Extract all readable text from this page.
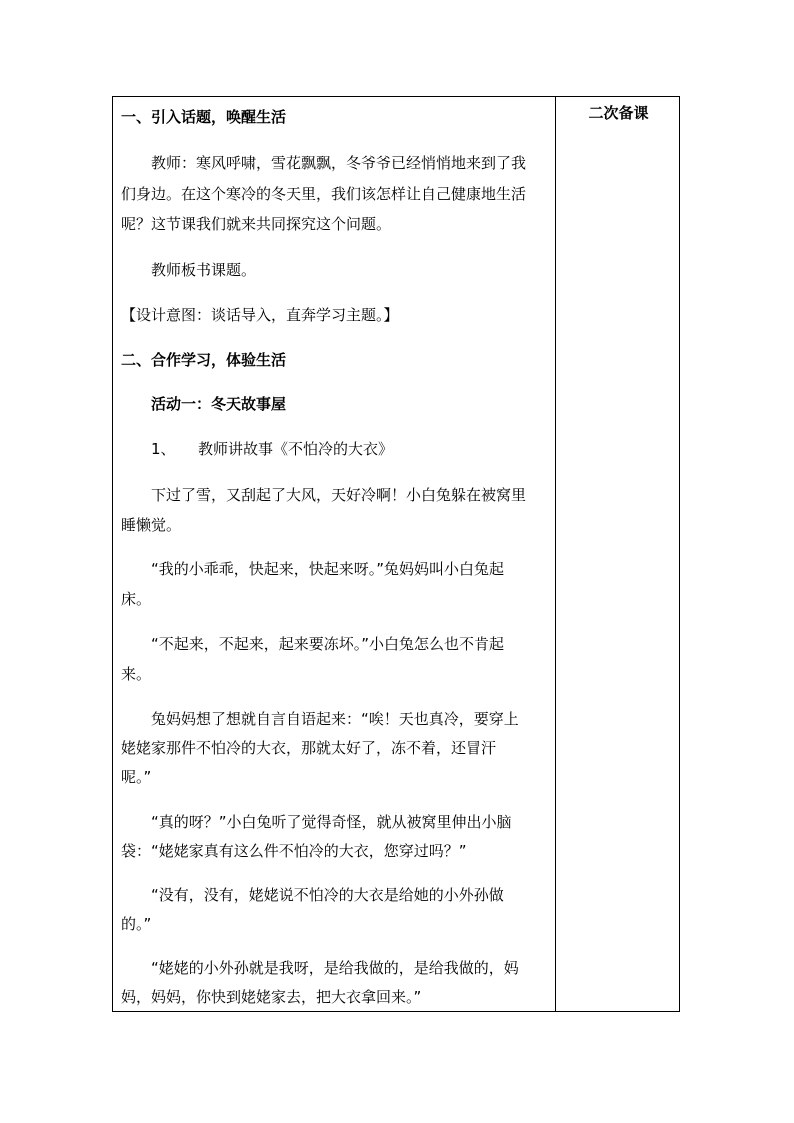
一、引入话题，唤醒生活
　　教师：寒风呼啸，雪花飘飘，冬爷爷已经悄悄地来到了我
们身边。在这个寒冷的冬天里，我们该怎样让自己健康地生活
呢？这节课我们就来共同探究这个问题。
　　教师板书课题。
【设计意图：谈话导入，直奔学习主题。】
二、合作学习，体验生活
　　活动一：冬天故事屋
　　1、　　教师讲故事《不怕冷的大衣》
　　下过了雪，又刮起了大风，天好冷啊！小白兔躲在被窝里
睡懒觉。
　　“我的小乖乖，快起来，快起来呀。”兔妈妈叫小白兔起
床。
　　“不起来，不起来，起来要冻坏。”小白兔怎么也不肯起
来。
　　兔妈妈想了想就自言自语起来：“唉！天也真冷，要穿上
姥姥家那件不怕冷的大衣，那就太好了，冻不着，还冒汗
呢。”
　　“真的呀？”小白兔听了觉得奇怪，就从被窝里伸出小脑
袋：“姥姥家真有这么件不怕冷的大衣，您穿过吗？”
　　“没有，没有，姥姥说不怕冷的大衣是给她的小外孙做
的。”
　　“姥姥的小外孙就是我呀，是给我做的，是给我做的，妈
妈，妈妈，你快到姥姥家去，把大衣拿回来。”
二次备课
